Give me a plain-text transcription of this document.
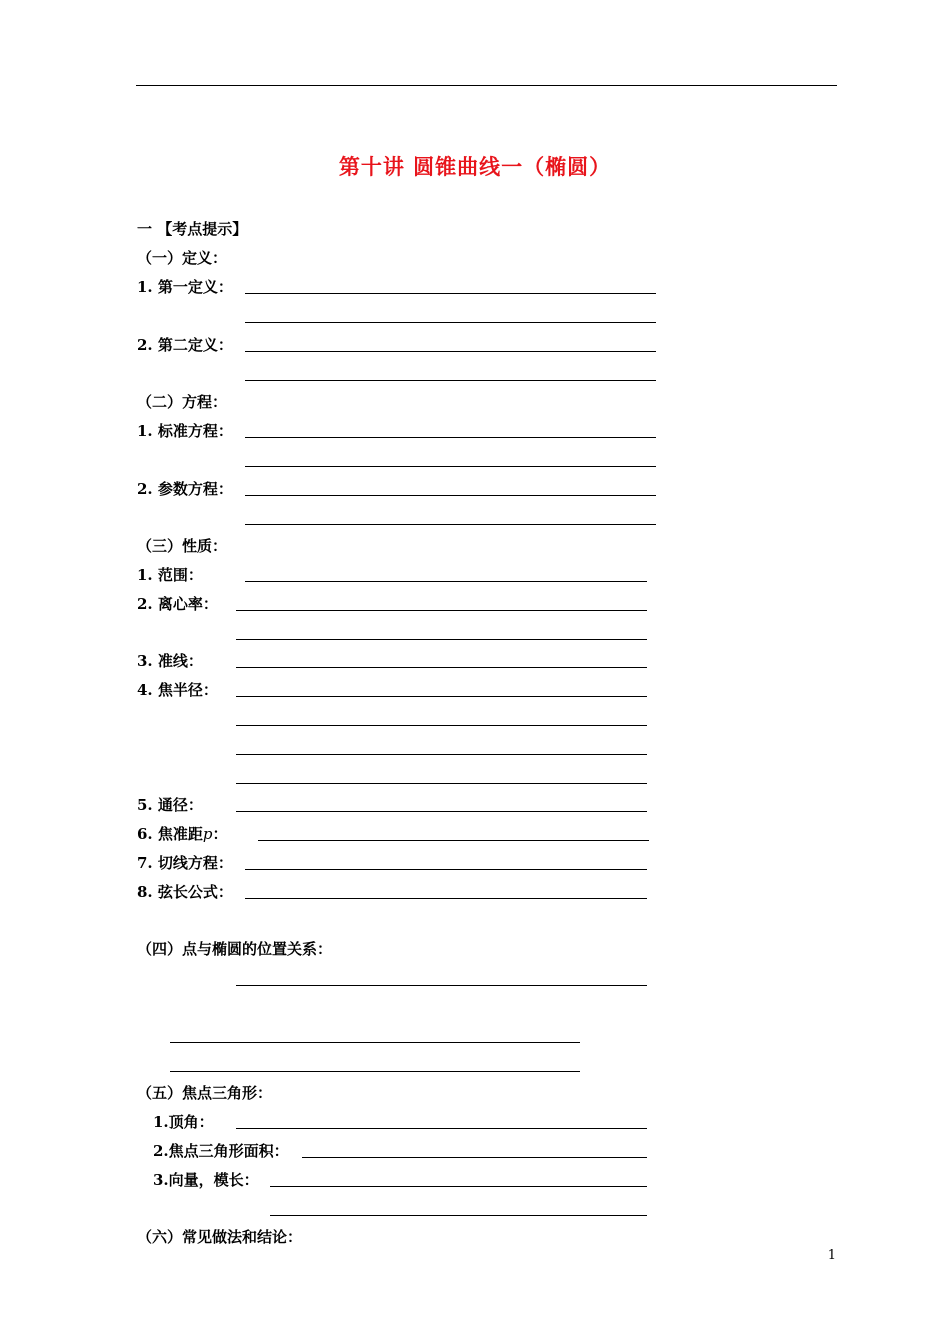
第十讲 圆锥曲线一（椭圆）
一 【考点提示】
（一）定义：
1. 第一定义：
2. 第二定义：
（二）方程：
1. 标准方程：
2. 参数方程：
（三）性质：
1. 范围：
2. 离心率：
3. 准线：
4. 焦半径：
5. 通径：
6. 焦准距p：
7. 切线方程：
8. 弦长公式：
（四）点与椭圆的位置关系：
（五）焦点三角形：
1.顶角：
2.焦点三角形面积：
3.向量，模长：
（六）常见做法和结论：
1
